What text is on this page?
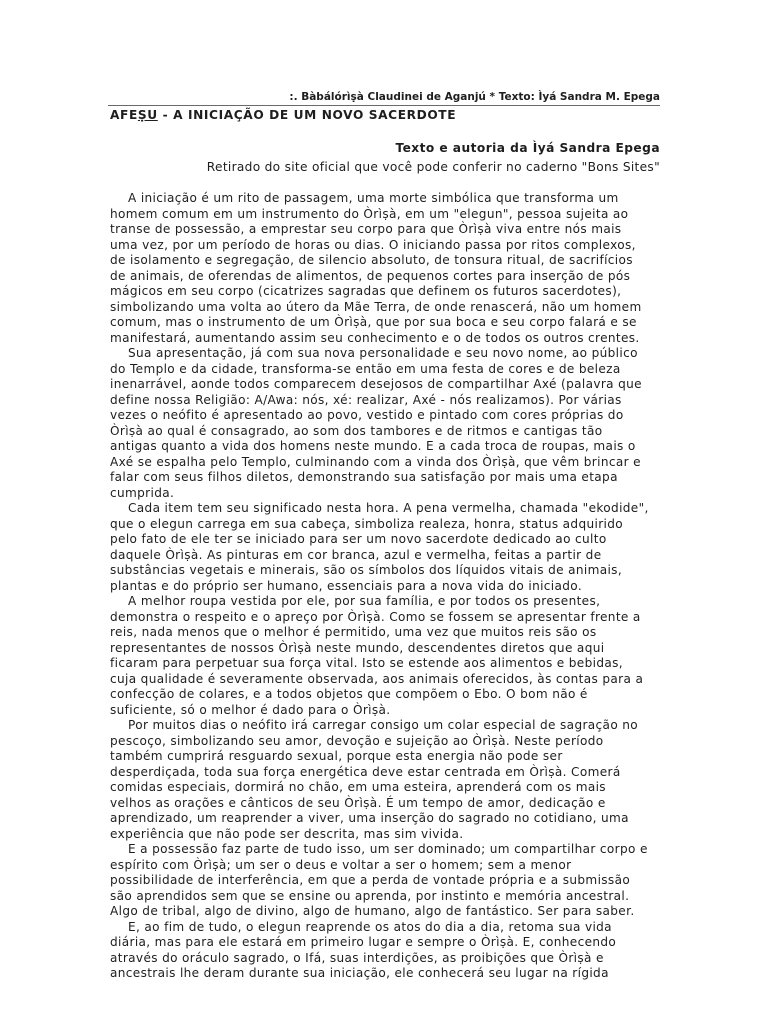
:. Bàbálórìṣà Claudinei de Aganjú * Texto: Ìyá Sandra M. Epega
AFEṢU - A INICIAÇÃO DE UM NOVO SACERDOTE
Texto e autoria da Ìyá Sandra Epega
Retirado do site oficial que você pode conferir no caderno "Bons Sites"
A iniciação é um rito de passagem, uma morte simbólica que transforma um
homem comum em um instrumento do Òrìṣà, em um "elegun", pessoa sujeita ao
transe de possessão, a emprestar seu corpo para que Òrìṣà viva entre nós mais
uma vez, por um período de horas ou dias. O iniciando passa por ritos complexos,
de isolamento e segregação, de silencio absoluto, de tonsura ritual, de sacrifícios
de animais, de oferendas de alimentos, de pequenos cortes para inserção de pós
mágicos em seu corpo (cicatrizes sagradas que definem os futuros sacerdotes),
simbolizando uma volta ao útero da Mãe Terra, de onde renascerá, não um homem
comum, mas o instrumento de um Òrìṣà, que por sua boca e seu corpo falará e se
manifestará, aumentando assim seu conhecimento e o de todos os outros crentes.
Sua apresentação, já com sua nova personalidade e seu novo nome, ao público
do Templo e da cidade, transforma-se então em uma festa de cores e de beleza
inenarrável, aonde todos comparecem desejosos de compartilhar Axé (palavra que
define nossa Religião: A/Awa: nós, xé: realizar, Axé - nós realizamos). Por várias
vezes o neófito é apresentado ao povo, vestido e pintado com cores próprias do
Òrìṣà ao qual é consagrado, ao som dos tambores e de ritmos e cantigas tão
antigas quanto a vida dos homens neste mundo. E a cada troca de roupas, mais o
Axé se espalha pelo Templo, culminando com a vinda dos Òrìṣà, que vêm brincar e
falar com seus filhos diletos, demonstrando sua satisfação por mais uma etapa
cumprida.
Cada item tem seu significado nesta hora. A pena vermelha, chamada "ekodide",
que o elegun carrega em sua cabeça, simboliza realeza, honra, status adquirido
pelo fato de ele ter se iniciado para ser um novo sacerdote dedicado ao culto
daquele Òrìṣà. As pinturas em cor branca, azul e vermelha, feitas a partir de
substâncias vegetais e minerais, são os símbolos dos líquidos vitais de animais,
plantas e do próprio ser humano, essenciais para a nova vida do iniciado.
A melhor roupa vestida por ele, por sua família, e por todos os presentes,
demonstra o respeito e o apreço por Òrìṣà. Como se fossem se apresentar frente a
reis, nada menos que o melhor é permitido, uma vez que muitos reis são os
representantes de nossos Òrìṣà neste mundo, descendentes diretos que aqui
ficaram para perpetuar sua força vital. Isto se estende aos alimentos e bebidas,
cuja qualidade é severamente observada, aos animais oferecidos, às contas para a
confecção de colares, e a todos objetos que compõem o Ebo. O bom não é
suficiente, só o melhor é dado para o Òrìṣà.
Por muitos dias o neófito irá carregar consigo um colar especial de sagração no
pescoço, simbolizando seu amor, devoção e sujeição ao Òrìṣà. Neste período
também cumprirá resguardo sexual, porque esta energia não pode ser
desperdiçada, toda sua força energética deve estar centrada em Òrìṣà. Comerá
comidas especiais, dormirá no chão, em uma esteira, aprenderá com os mais
velhos as orações e cânticos de seu Òrìṣà. É um tempo de amor, dedicação e
aprendizado, um reaprender a viver, uma inserção do sagrado no cotidiano, uma
experiência que não pode ser descrita, mas sim vivida.
E a possessão faz parte de tudo isso, um ser dominado; um compartilhar corpo e
espírito com Òrìṣà; um ser o deus e voltar a ser o homem; sem a menor
possibilidade de interferência, em que a perda de vontade própria e a submissão
são aprendidos sem que se ensine ou aprenda, por instinto e memória ancestral.
Algo de tribal, algo de divino, algo de humano, algo de fantástico. Ser para saber.
E, ao fim de tudo, o elegun reaprende os atos do dia a dia, retoma sua vida
diária, mas para ele estará em primeiro lugar e sempre o Òrìṣà. E, conhecendo
através do oráculo sagrado, o Ifá, suas interdições, as proibições que Òrìṣà e
ancestrais lhe deram durante sua iniciação, ele conhecerá seu lugar na rígida
